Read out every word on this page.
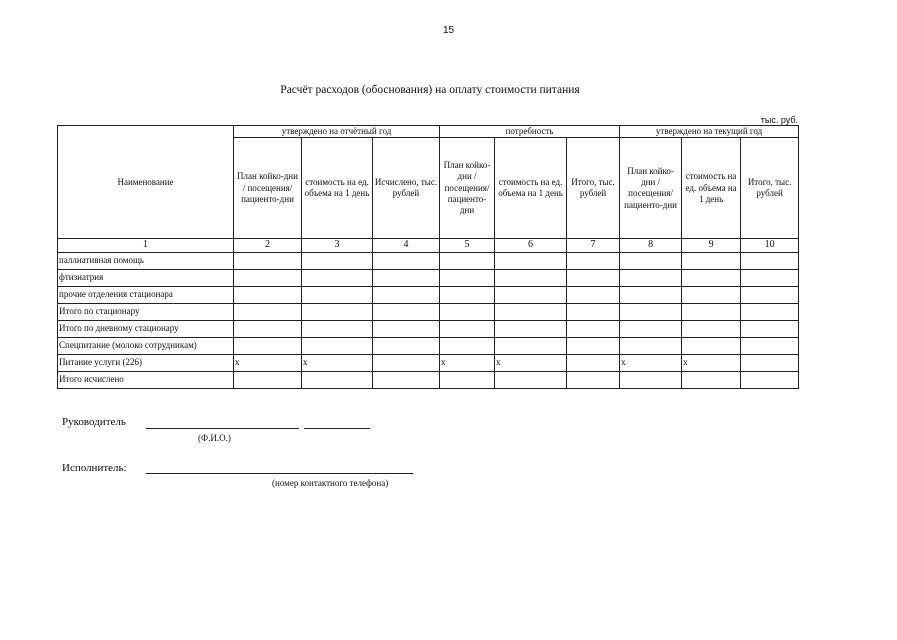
15
Расчёт расходов (обоснования) на оплату стоимости питания
тыс. руб.
Наименование	утверждено на отчётный год			потребность			утверждено на текущий год		
	План койко-дни / посещения/ пациенто-дни	стоимость на ед. объема на 1 день	Исчислено, тыс. рублей	План койко-дни / посещения/ пациенто-дни	стоимость на ед. объема на 1 день	Итого, тыс. рублей	План койко-дни / посещения/ пациенто-дни	стоимость на ед. объема на 1 день	Итого, тыс. рублей
1	2	3	4	5	6	7	8	9	10
паллиативная помощь									
фтизиатрия									
прочие отделения стационара									
Итого по стационару									
Итого по дневному стационару									
Спецпитание (молоко сотрудникам)									
Питание услуги (226)	x	x		x	x		x	x	
Итого исчислено									
Руководитель
(Ф.И.О.)
Исполнитель:
(номер контактного телефона)
